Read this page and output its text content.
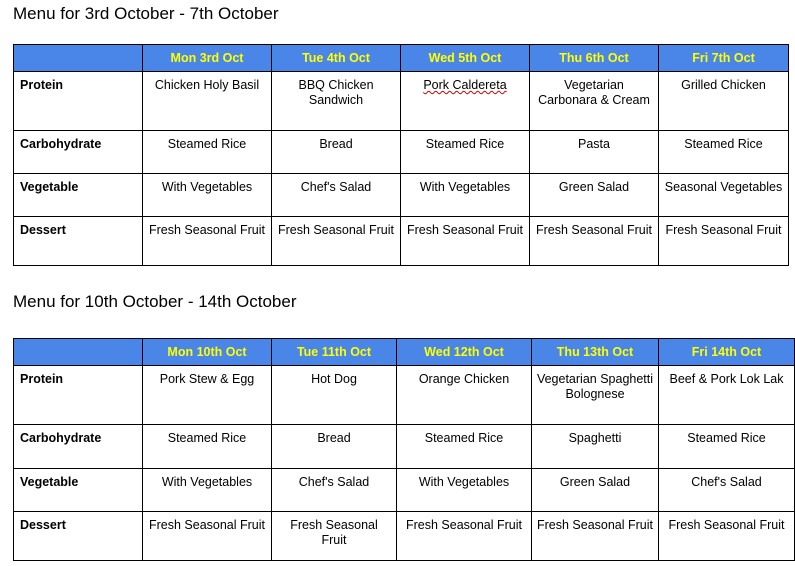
Menu for 3rd October - 7th October
	Mon 3rd Oct	Tue 4th Oct	Wed 5th Oct	Thu 6th Oct	Fri 7th Oct
Protein	Chicken Holy Basil	BBQ Chicken Sandwich	Pork Caldereta	Vegetarian Carbonara & Cream	Grilled Chicken
Carbohydrate	Steamed Rice	Bread	Steamed Rice	Pasta	Steamed Rice
Vegetable	With Vegetables	Chef's Salad	With Vegetables	Green Salad	Seasonal Vegetables
Dessert	Fresh Seasonal Fruit	Fresh Seasonal Fruit	Fresh Seasonal Fruit	Fresh Seasonal Fruit	Fresh Seasonal Fruit
Menu for 10th October - 14th October
	Mon 10th Oct	Tue 11th Oct	Wed 12th Oct	Thu 13th Oct	Fri 14th Oct
Protein	Pork Stew & Egg	Hot Dog	Orange Chicken	Vegetarian Spaghetti Bolognese	Beef & Pork Lok Lak
Carbohydrate	Steamed Rice	Bread	Steamed Rice	Spaghetti	Steamed Rice
Vegetable	With Vegetables	Chef's Salad	With Vegetables	Green Salad	Chef's Salad
Dessert	Fresh Seasonal Fruit	Fresh Seasonal Fruit	Fresh Seasonal Fruit	Fresh Seasonal Fruit	Fresh Seasonal Fruit
